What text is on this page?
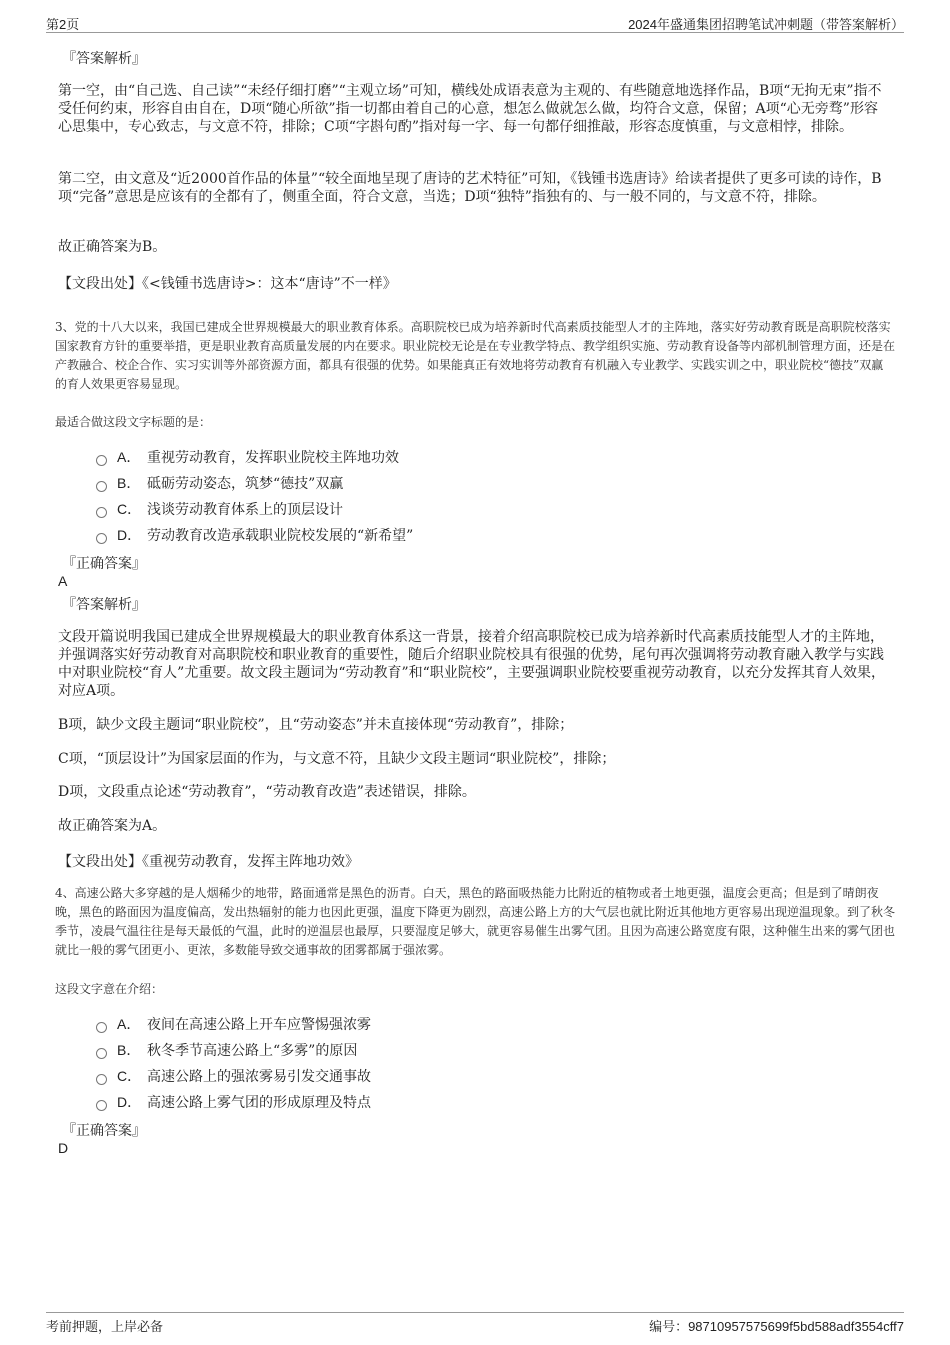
第2页	2024年盛通集团招聘笔试冲刺题（带答案解析）
『答案解析』

第一空，由“自己选、自己读”“未经仔细打磨”“主观立场”可知，横线处成语表意为主观的、有些随意地选择作品，B项“无拘无束”指不受任何约束，形容自由自在，D项“随心所欲”指一切都由着自己的心意，想怎么做就怎么做，均符合文意，保留；A项“心无旁骛”形容心思集中，专心致志，与文意不符，排除；C项“字斟句酌”指对每一字、每一句都仔细推敲，形容态度慎重，与文意相悖，排除。

第二空，由文意及“近2000首作品的体量”“较全面地呈现了唐诗的艺术特征”可知，《钱锺书选唐诗》给读者提供了更多可读的诗作，B项“完备”意思是应该有的全都有了，侧重全面，符合文意，当选；D项“独特”指独有的、与一般不同的，与文意不符，排除。

故正确答案为B。

【文段出处】《<钱锺书选唐诗>：这本“唐诗”不一样》

3、党的十八大以来，我国已建成全世界规模最大的职业教育体系。高职院校已成为培养新时代高素质技能型人才的主阵地，落实好劳动教育既是高职院校落实国家教育方针的重要举措，更是职业教育高质量发展的内在要求。职业院校无论是在专业教学特点、教学组织实施、劳动教育设备等内部机制管理方面，还是在产教融合、校企合作、实习实训等外部资源方面，都具有很强的优势。如果能真正有效地将劳动教育有机融入专业教学、实践实训之中，职业院校“德技”双赢的育人效果更容易显现。

最适合做这段文字标题的是：
A． 重视劳动教育，发挥职业院校主阵地功效
B． 砥砺劳动姿态，筑梦“德技”双赢
C． 浅谈劳动教育体系上的顶层设计
D． 劳动教育改造承载职业院校发展的“新希望”
『正确答案』
A
『答案解析』

文段开篇说明我国已建成全世界规模最大的职业教育体系这一背景，接着介绍高职院校已成为培养新时代高素质技能型人才的主阵地，并强调落实好劳动教育对高职院校和职业教育的重要性，随后介绍职业院校具有很强的优势，尾句再次强调将劳动教育融入教学与实践中对职业院校“育人”尤重要。故文段主题词为“劳动教育”和“职业院校”，主要强调职业院校要重视劳动教育，以充分发挥其育人效果，对应A项。

B项，缺少文段主题词“职业院校”，且“劳动姿态”并未直接体现“劳动教育”，排除；

C项，“顶层设计”为国家层面的作为，与文意不符，且缺少文段主题词“职业院校”，排除；

D项，文段重点论述“劳动教育”，“劳动教育改造”表述错误，排除。

故正确答案为A。

【文段出处】《重视劳动教育，发挥主阵地功效》

4、高速公路大多穿越的是人烟稀少的地带，路面通常是黑色的沥青。白天，黑色的路面吸热能力比附近的植物或者土地更强，温度会更高；但是到了晴朗夜晚，黑色的路面因为温度偏高，发出热辐射的能力也因此更强，温度下降更为剧烈，高速公路上方的大气层也就比附近其他地方更容易出现逆温现象。到了秋冬季节，凌晨气温往往是每天最低的气温，此时的逆温层也最厚，只要湿度足够大，就更容易催生出雾气团。且因为高速公路宽度有限，这种催生出来的雾气团也就比一般的雾气团更小、更浓，多数能导致交通事故的团雾都属于强浓雾。

这段文字意在介绍：
A． 夜间在高速公路上开车应警惕强浓雾
B． 秋冬季节高速公路上“多雾”的原因
C． 高速公路上的强浓雾易引发交通事故
D． 高速公路上雾气团的形成原理及特点
『正确答案』
D
考前押题，上岸必备	编号：98710957575699f5bd588adf3554cff7
